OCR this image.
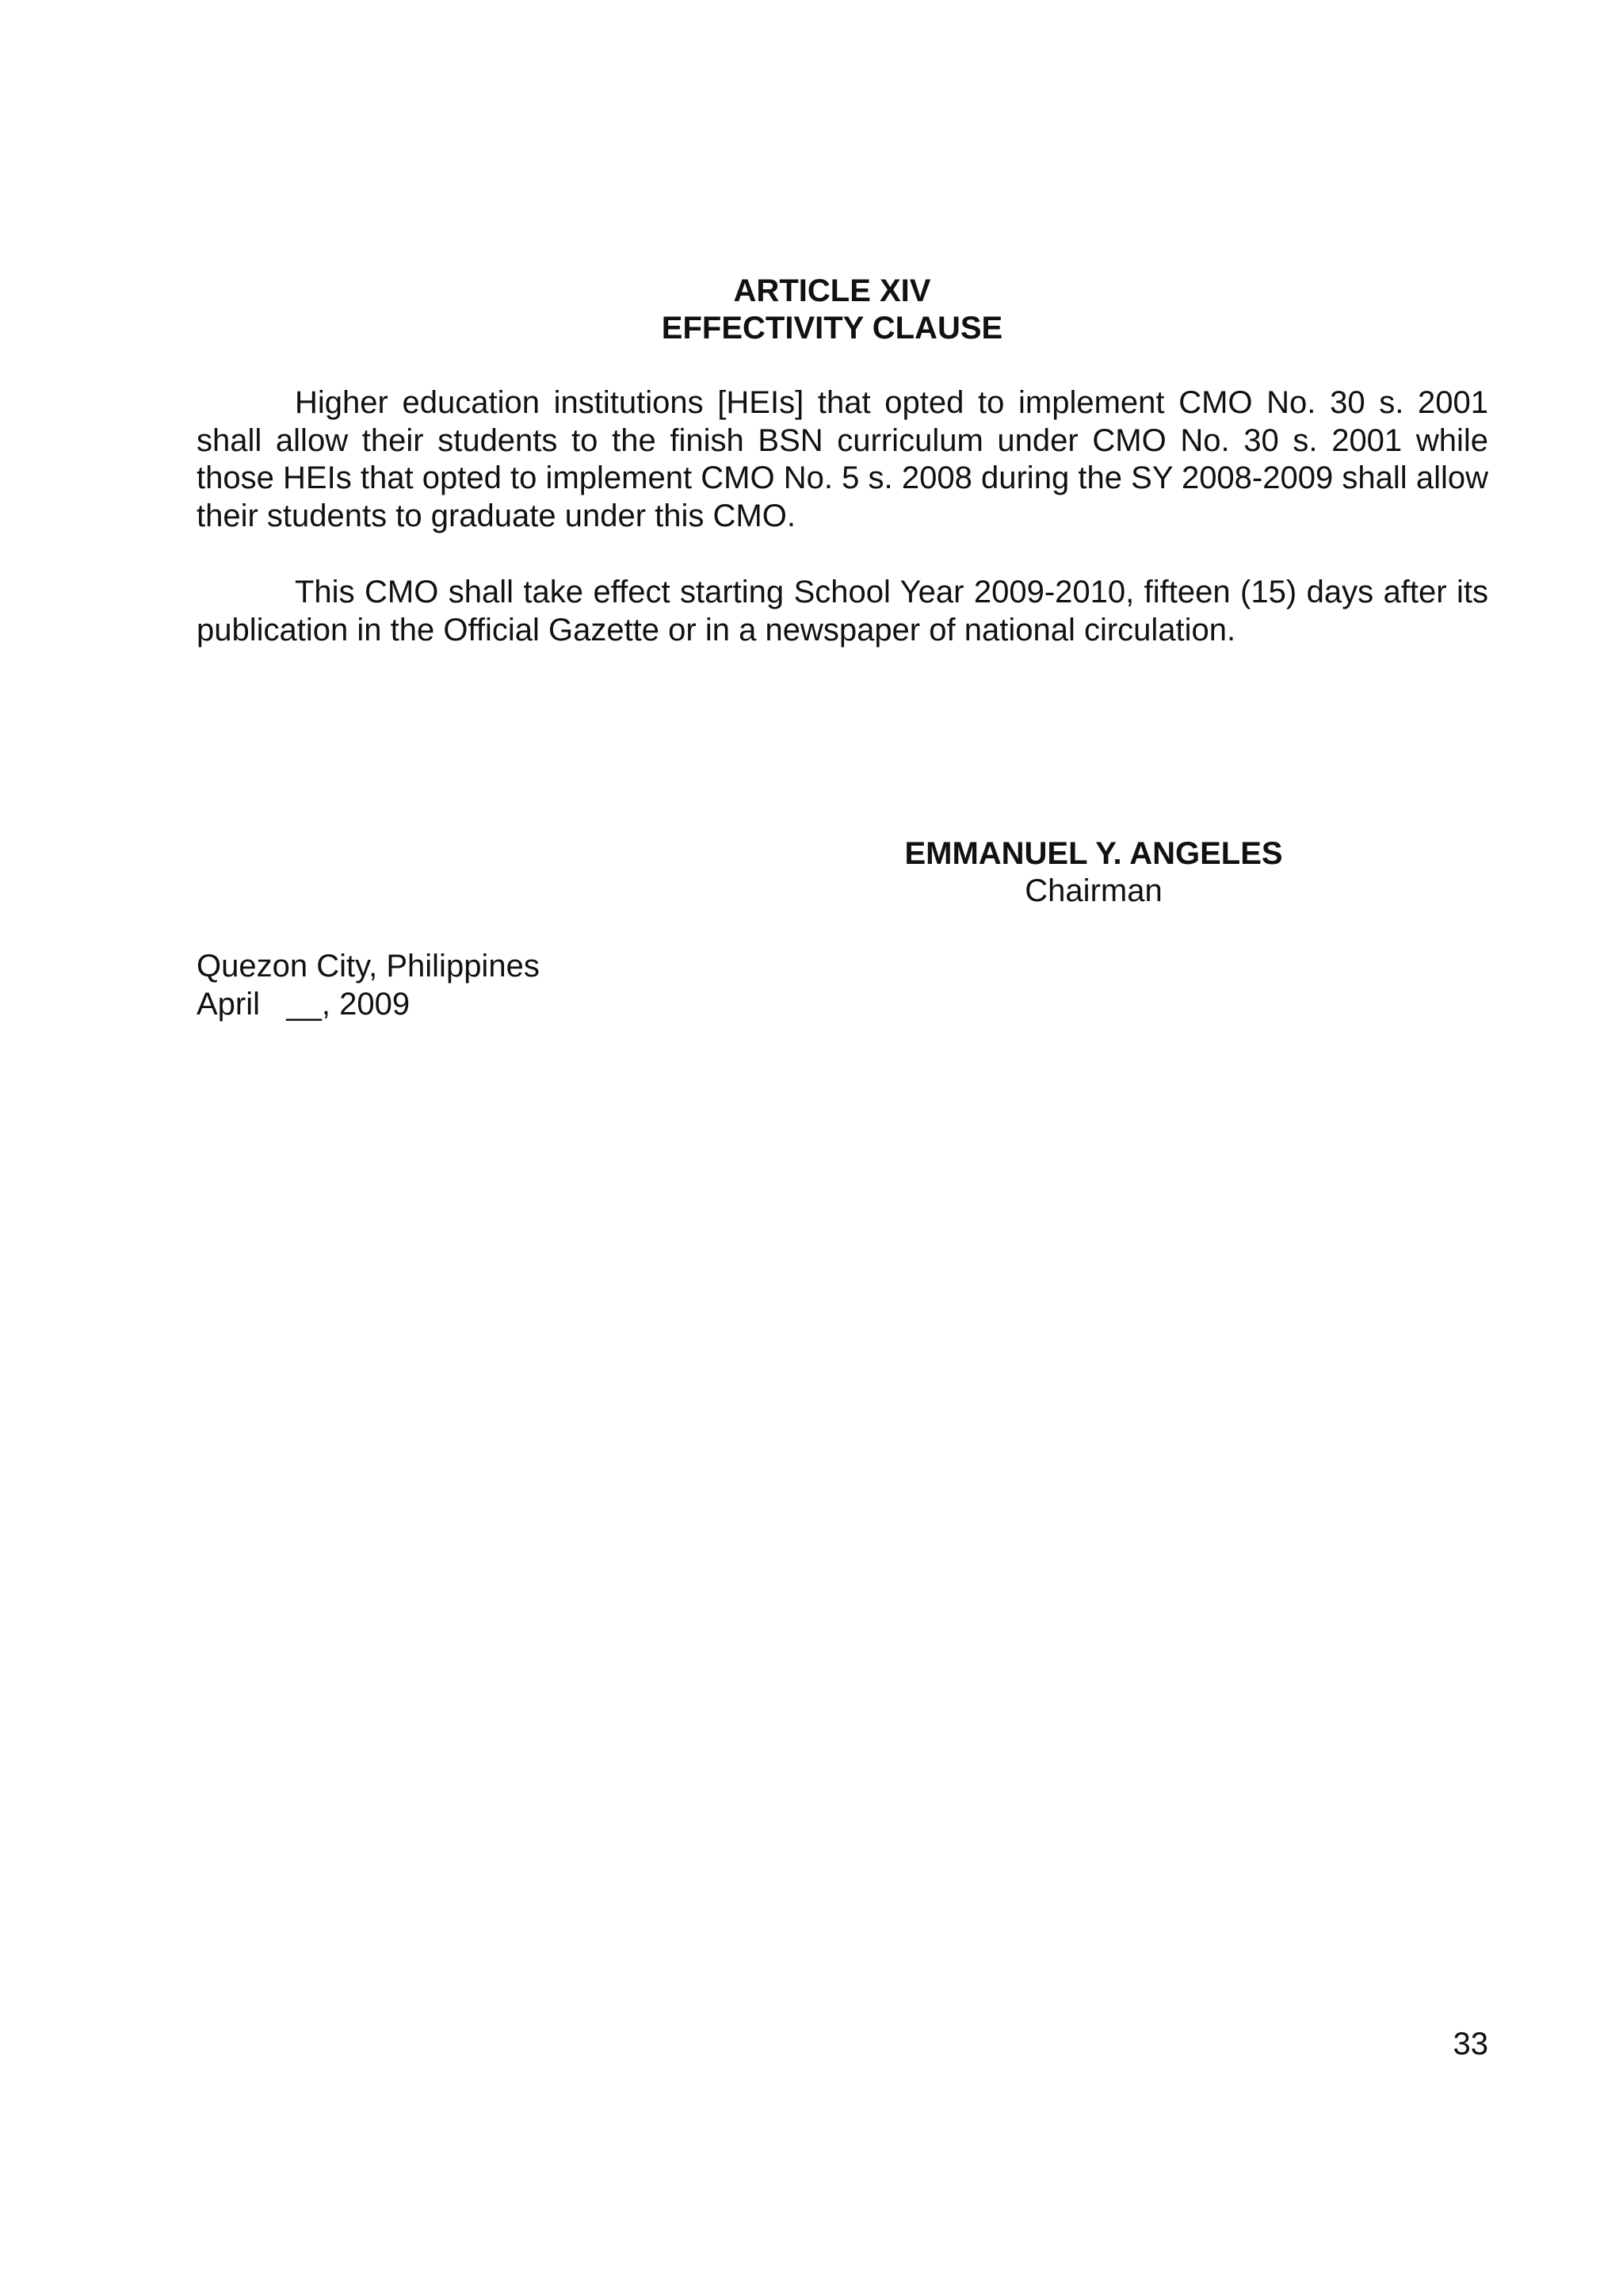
ARTICLE XIV
EFFECTIVITY CLAUSE

Higher education institutions [HEIs] that opted to implement CMO No. 30 s. 2001 shall allow their students to the finish BSN curriculum under CMO No. 30 s. 2001 while those HEIs that opted to implement CMO No. 5 s. 2008 during the SY 2008-2009 shall allow their students to graduate under this CMO.

This CMO shall take effect starting School Year 2009-2010, fifteen (15) days after its publication in the Official Gazette or in a newspaper of national circulation.

EMMANUEL Y. ANGELES
Chairman
Quezon City, Philippines
April   __, 2009
33
